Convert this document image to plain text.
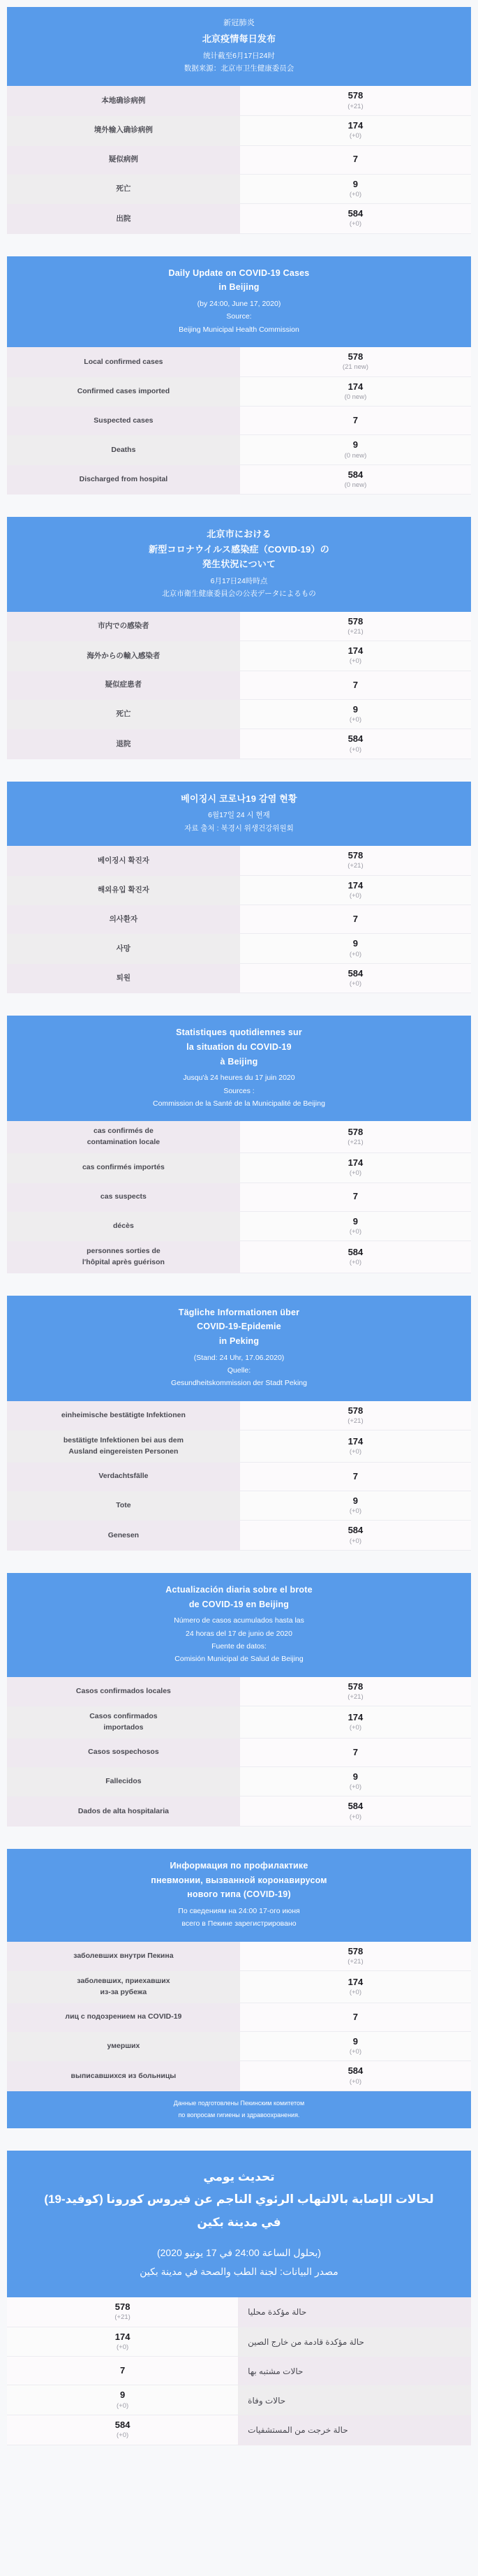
新冠肺炎
北京疫情每日发布
统计截至6月17日24时
数据来源：北京市卫生健康委员会
本地确诊病例	578
(+21)
境外输入确诊病例	174
(+0)
疑似病例	7
死亡	9
(+0)
出院	584
(+0)
Daily Update on COVID-19 Cases
in Beijing
(by 24:00, June 17, 2020)
Source:
Beijing Municipal Health Commission
Local confirmed cases	578
(21 new)
Confirmed cases imported	174
(0 new)
Suspected cases	7
Deaths	9
(0 new)
Discharged from hospital	584
(0 new)
北京市における
新型コロナウイルス感染症（COVID-19）の
発生状況について
6月17日24時時点
北京市衛生健康委員会の公表データによるもの
市内での感染者	578
(+21)
海外からの輸入感染者	174
(+0)
疑似症患者	7
死亡	9
(+0)
退院	584
(+0)
베이징시 코로나19 감염 현황
6월17일 24 시 현재
자료 출처 : 북경시 위생건강위원회
베이징시 확진자	578
(+21)
해외유입 확진자	174
(+0)
의사환자	7
사망	9
(+0)
퇴원	584
(+0)
Statistiques quotidiennes sur
la situation du COVID-19
à Beijing
Jusqu'à 24 heures du 17 juin 2020
Sources :
Commission de la Santé de la Municipalité de Beijing
cas confirmés de
contamination locale
578
(+21)
cas confirmés importés	174
(+0)
cas suspects	7
décès	9
(+0)
personnes sorties de
l'hôpital après guérison
584
(+0)
Tägliche Informationen über
COVID-19-Epidemie
in Peking
(Stand: 24 Uhr, 17.06.2020)
Quelle:
Gesundheitskommission der Stadt Peking
einheimische bestätigte Infektionen	578
(+21)
bestätigte Infektionen bei aus dem
Ausland eingereisten Personen
174
(+0)
Verdachtsfälle	7
Tote	9
(+0)
Genesen	584
(+0)
Actualización diaria sobre el brote
de COVID-19 en Beijing
Número de casos acumulados hasta las
24 horas del 17 de junio de 2020
Fuente de datos:
Comisión Municipal de Salud de Beijing
Casos confirmados locales	578
(+21)
Casos confirmados
importados
174
(+0)
Casos sospechosos	7
Fallecidos	9
(+0)
Dados de alta hospitalaria	584
(+0)
Информация по профилактике
пневмонии, вызванной коронавирусом
нового типа (COVID-19)
По сведениям на 24:00 17-ого июня
всего в Пекине зарегистрировано
заболевших внутри Пекина	578
(+21)
заболевших, приехавших
из-за рубежа
174
(+0)
лиц с подозрением на COVID-19	7
умерших	9
(+0)
выписавшихся из больницы	584
(+0)
Данные подготовлены Пекинским комитетом
по вопросам гигиены и здравоохранения.
تحديث يومي
لحالات الإصابة بالالتهاب الرئوي الناجم عن فيروس كورونا (كوفيد-19)
في مدينة بكين
(بحلول الساعة 24:00 في 17 يونيو 2020)
مصدر البيانات: لجنة الطب والصحة في مدينة بكين
حالة مؤكدة محليا
578
(+21)
حالة مؤكدة قادمة من خارج الصين
174
(+0)
حالات مشتبه بها
7
حالات وفاة
9
(+0)
حالة خرجت من المستشفيات
584
(+0)
